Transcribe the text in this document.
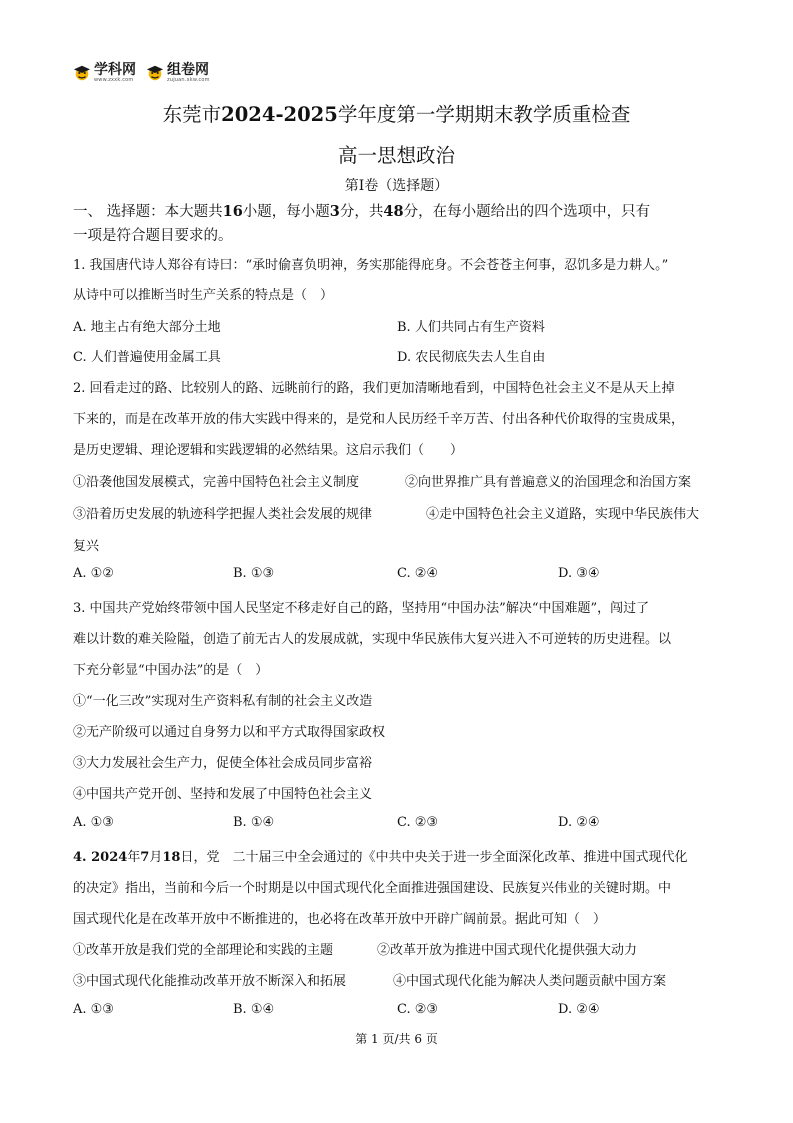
学科网
www.zxxk.com
组卷网
zujuan.xkw.com
东莞市2024-2025学年度第一学期期末教学质重检查
高一思想政治
第Ⅰ卷（选择题）
一、 选择题：本大题共16小题，每小题3分，共48分，在每小题给出的四个选项中，只有
一项是符合题目要求的。
1. 我国唐代诗人郑谷有诗曰：“承时偷喜负明神，务实那能得庇身。不会苍苍主何事，忍饥多是力耕人。”
从诗中可以推断当时生产关系的特点是（　）
A. 地主占有绝大部分土地	B. 人们共同占有生产资料
C. 人们普遍使用金属工具	D. 农民彻底失去人生自由
2. 回看走过的路、比较别人的路、远眺前行的路，我们更加清晰地看到，中国特色社会主义不是从天上掉
下来的，而是在改革开放的伟大实践中得来的，是党和人民历经千辛万苦、付出各种代价取得的宝贵成果，
是历史逻辑、理论逻辑和实践逻辑的必然结果。这启示我们（　　）
①沿袭他国发展模式，完善中国特色社会主义制度	②向世界推广具有普遍意义的治国理念和治国方案
③沿着历史发展的轨迹科学把握人类社会发展的规律	④走中国特色社会主义道路，实现中华民族伟大
复兴
A. ①②	B. ①③	C. ②④	D. ③④
3. 中国共产党始终带领中国人民坚定不移走好自己的路，坚持用“中国办法”解决“中国难题”，闯过了
难以计数的难关险隘，创造了前无古人的发展成就，实现中华民族伟大复兴进入不可逆转的历史进程。以
下充分彰显“中国办法”的是（　）
①“一化三改”实现对生产资料私有制的社会主义改造
②无产阶级可以通过自身努力以和平方式取得国家政权
③大力发展社会生产力，促使全体社会成员同步富裕
④中国共产党开创、坚持和发展了中国特色社会主义
A. ①③	B. ①④	C. ②③	D. ②④
4. 2024年7月18日，党　二十届三中全会通过的《中共中央关于进一步全面深化改革、推进中国式现代化
的决定》指出，当前和今后一个时期是以中国式现代化全面推进强国建设、民族复兴伟业的关键时期。中
国式现代化是在改革开放中不断推进的，也必将在改革开放中开辟广阔前景。据此可知（　）
①改革开放是我们党的全部理论和实践的主题	②改革开放为推进中国式现代化提供强大动力
③中国式现代化能推动改革开放不断深入和拓展	④中国式现代化能为解决人类问题贡献中国方案
A. ①③	B. ①④	C. ②③	D. ②④
第 1 页/共 6 页
